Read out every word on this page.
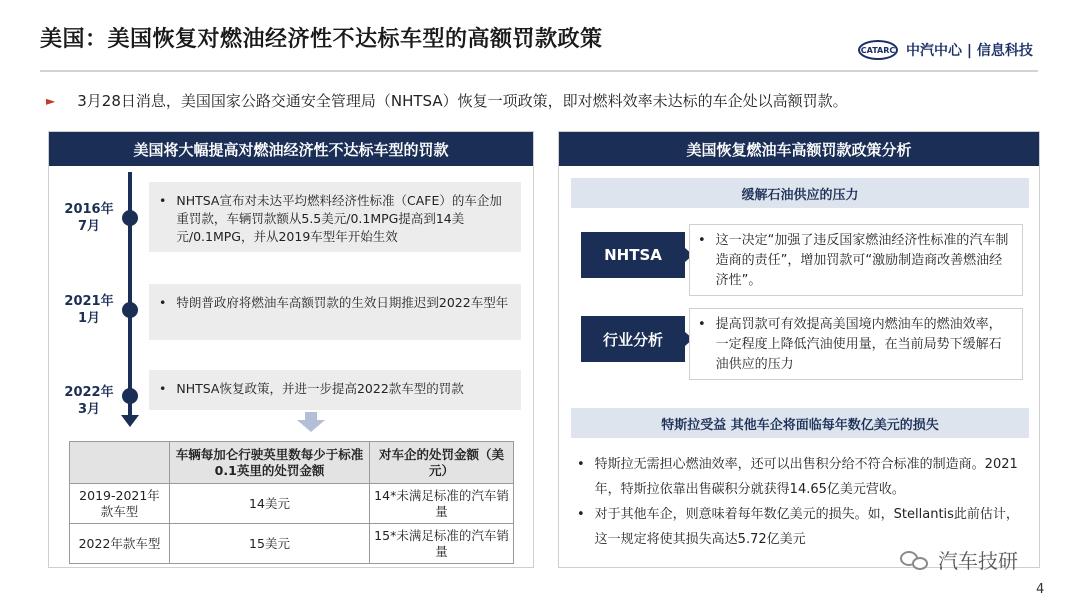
美国：美国恢复对燃油经济性不达标车型的高额罚款政策	CATARC 中汽中心 | 信息科技
► 3月28日消息，美国国家公路交通安全管理局（NHTSA）恢复一项政策，即对燃料效率未达标的车企处以高额罚款。
美国将大幅提高对燃油经济性不达标车型的罚款
2016年
7月
• NHTSA宣布对未达平均燃料经济性标准（CAFE）的车企加重罚款，车辆罚款额从5.5美元/0.1MPG提高到14美元/0.1MPG，并从2019车型年开始生效
2021年
1月
• 特朗普政府将燃油车高额罚款的生效日期推迟到2022车型年
2022年
3月
• NHTSA恢复政策，并进一步提高2022款车型的罚款
	车辆每加仑行驶英里数每少于标准0.1英里的处罚金额	对车企的处罚金额（美元）
2019-2021年款车型	14美元	14*未满足标准的汽车销量
2022年款车型	15美元	15*未满足标准的汽车销量
美国恢复燃油车高额罚款政策分析
缓解石油供应的压力
NHTSA
• 这一决定“加强了违反国家燃油经济性标准的汽车制造商的责任”，增加罚款可“激励制造商改善燃油经济性”。
行业分析
• 提高罚款可有效提高美国境内燃油车的燃油效率，一定程度上降低汽油使用量，在当前局势下缓解石油供应的压力
特斯拉受益 其他车企将面临每年数亿美元的损失
• 特斯拉无需担心燃油效率，还可以出售积分给不符合标准的制造商。2021年，特斯拉依靠出售碳积分就获得14.65亿美元营收。
• 对于其他车企，则意味着每年数亿美元的损失。如，Stellantis此前估计，这一规定将使其损失高达5.72亿美元
汽车技研
4
